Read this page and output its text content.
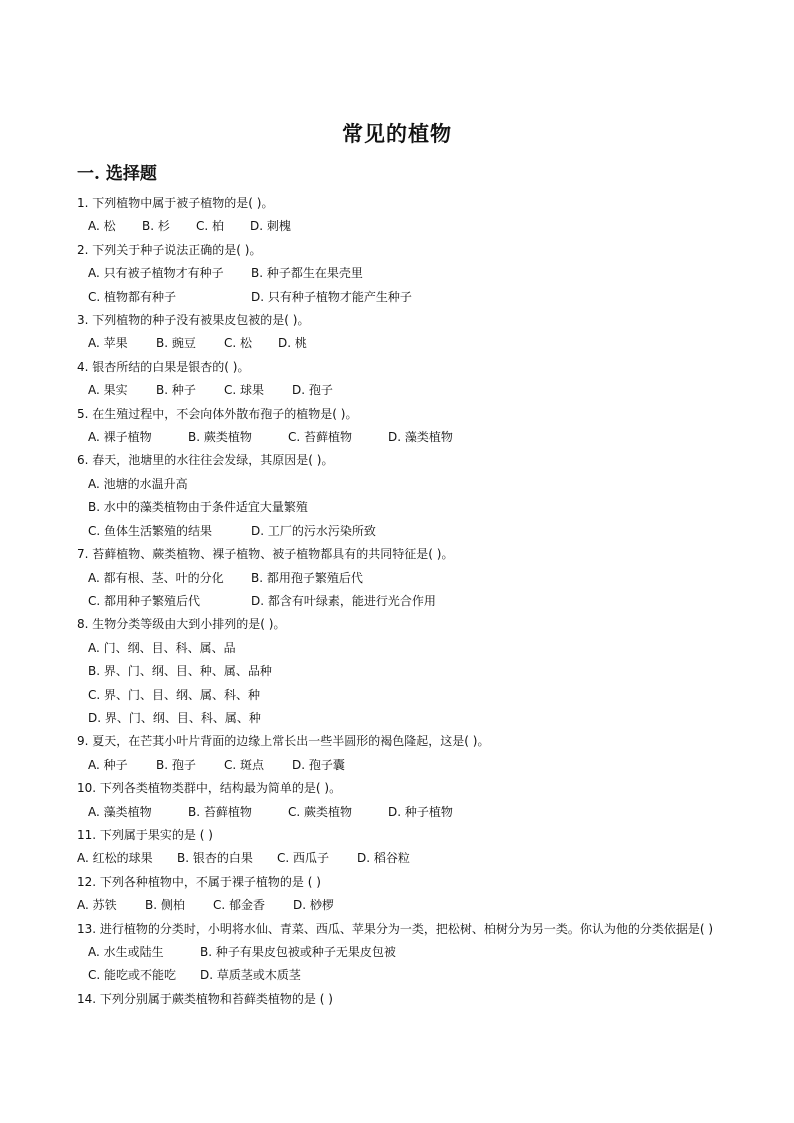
常见的植物
一. 选择题
1. 下列植物中属于被子植物的是( )。
A. 松 B. 杉 C. 柏 D. 刺槐
2. 下列关于种子说法正确的是( )。
A. 只有被子植物才有种子 B. 种子都生在果壳里
C. 植物都有种子	D. 只有种子植物才能产生种子
3. 下列植物的种子没有被果皮包被的是( )。
A. 苹果 B. 豌豆 C. 松 D. 桃
4. 银杏所结的白果是银杏的( )。
A. 果实 B. 种子 C. 球果 D. 孢子
5. 在生殖过程中，不会向体外散布孢子的植物是( )。
A. 裸子植物	B. 蕨类植物	C. 苔藓植物	D. 藻类植物
6. 春天，池塘里的水往往会发绿，其原因是( )。
A. 池塘的水温升高
B. 水中的藻类植物由于条件适宜大量繁殖
C. 鱼体生活繁殖的结果	D. 工厂的污水污染所致
7. 苔藓植物、蕨类植物、裸子植物、被子植物都具有的共同特征是( )。
A. 都有根、茎、叶的分化 B. 都用孢子繁殖后代
C. 都用种子繁殖后代	D. 都含有叶绿素，能进行光合作用
8. 生物分类等级由大到小排列的是( )。
A. 门、纲、目、科、属、品
B. 界、门、纲、目、种、属、品种
C. 界、门、目、纲、属、科、种
D. 界、门、纲、目、科、属、种
9. 夏天，在芒萁小叶片背面的边缘上常长出一些半圆形的褐色隆起，这是( )。
A. 种子 B. 孢子 C. 斑点 D. 孢子囊
10. 下列各类植物类群中，结构最为简单的是( )。
A. 藻类植物	B. 苔藓植物	C. 蕨类植物	D. 种子植物
11. 下列属于果实的是 ( )
A. 红松的球果 B. 银杏的白果 C. 西瓜子 D. 稻谷粒
12. 下列各种植物中，不属于裸子植物的是 ( )
A. 苏铁 B. 侧柏 C. 郁金香 D. 桫椤
13. 进行植物的分类时，小明将水仙、青菜、西瓜、苹果分为一类，把松树、柏树分为另一类。你认为他的分类依据是( )
A. 水生或陆生	B. 种子有果皮包被或种子无果皮包被
C. 能吃或不能吃 D. 草质茎或木质茎
14. 下列分别属于蕨类植物和苔藓类植物的是 ( )
